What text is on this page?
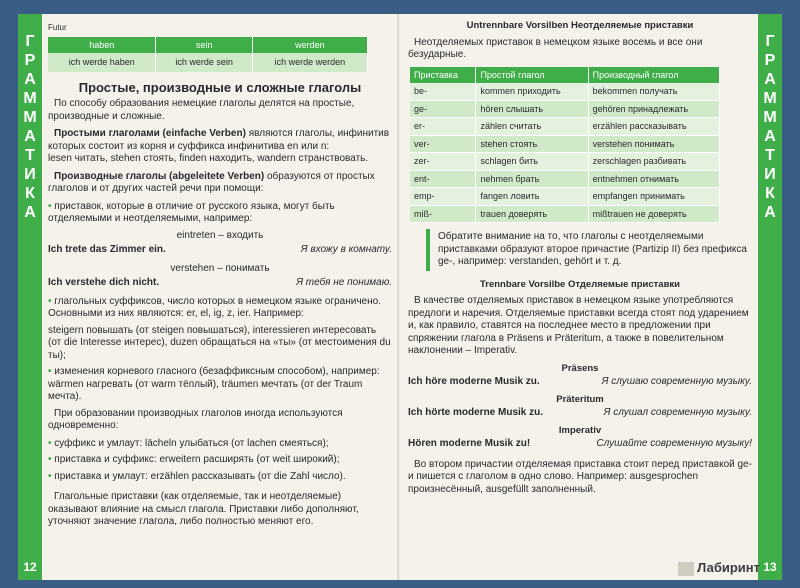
Г
Р
А
М
М
А
Т
И
К
А
12
Futur
haben	sein	werden
ich werde haben	ich werde sein	ich werde werden
Простые, производные и сложные глаголы

По способу образования немецкие глаголы делятся на простые, производные и сложные.

Простыми глаголами (einfache Verben) являются глаголы, инфинитив которых состоит из корня и суффикса инфинитива en или n:
lesen читать, stehen стоять, finden находить, wandern странствовать.

Производные глаголы (abgeleitete Verben) образуются от простых глаголов и от других частей речи при помощи:

• приставок, которые в отличие от русского языка, могут быть отделяемыми и неотделяемыми, например:
eintreten – входить
Ich trete das Zimmer ein.	Я вхожу в комнату.
verstehen – понимать
Ich verstehe dich nicht.	Я тебя не понимаю.
• глагольных суффиксов, число которых в немецком языке ограничено. Основными из них являются: er, el, ig, z, ier. Например:
steigern повышать (от steigen повышаться), interessieren интересовать (от die Interesse интерес), duzen обращаться на «ты» (от местоимения du ты);
• изменения корневого гласного (безаффиксным способом), например: wärmen нагревать (от warm тёплый), träumen мечтать (от der Traum мечта).

При образовании производных глаголов иногда используются одновременно:

• суффикс и умлаут: lächeln улыбаться (от lachen смеяться);
• приставка и суффикс: erweitern расширять (от weit широкий);
• приставка и умлаут: erzählen рассказывать (от die Zahl число).

Глагольные приставки (как отделяемые, так и неотделяемые) оказывают влияние на смысл глагола. Приставки либо дополняют, уточняют значение глагола, либо полностью меняют его.

Г
Р
А
М
М
А
Т
И
К
А
13
Untrennbare Vorsilben Неотделяемые приставки

Неотделяемых приставок в немецком языке восемь и все они безударные.

Приставка	Простой глагол	Производный глагол
be-	kommen приходить	bekommen получать
ge-	hören слышать	gehören принадлежать
er-	zählen считать	erzählen рассказывать
ver-	stehen стоять	verstehen понимать
zer-	schlagen бить	zerschlagen разбивать
ent-	nehmen брать	entnehmen отнимать
emp-	fangen ловить	empfangen принимать
miß-	trauen доверять	mißtrauen не доверять
Обратите внимание на то, что глаголы с неотделяемыми приставками образуют второе причастие (Partizip II) без префикса ge-, например: verstanden, gehört и т. д.
Trennbare Vorsilbe Отделяемые приставки

В качестве отделяемых приставок в немецком языке употребляются предлоги и наречия. Отделяемые приставки всегда стоят под ударением и, как правило, ставятся на последнее место в предложении при спряжении глагола в Präsens и Präteritum, а также в повелительном наклонении – Imperativ.

Präsens
Ich höre moderne Musik zu.	Я слушаю современную музыку.
Präteritum
Ich hörte moderne Musik zu.	Я слушал современную музыку.
Imperativ
Hören moderne Musik zu!	Слушайте современную музыку!

Во втором причастии отделяемая приставка стоит перед приставкой ge- и пишется с глаголом в одно слово. Например: ausgesprochen произнесённый, ausgefüllt заполненный.

Лабиринт
